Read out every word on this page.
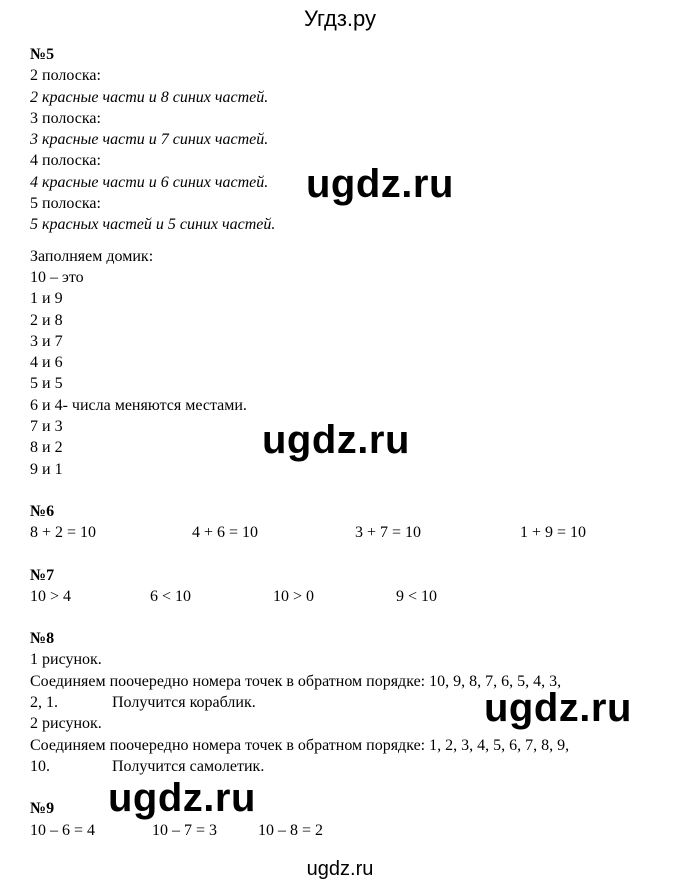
Угдз.ру
№5
2 полоска:
2 красные части и 8 синих частей.
3 полоска:
3 красные части и 7 синих частей.
4 полоска:
4 красные части и 6 синих частей.
5 полоска:
5 красных частей и 5 синих частей.
Заполняем домик:
10 – это
1 и 9
2 и 8
3 и 7
4 и 6
5 и 5
6 и 4- числа меняются местами.
7 и 3
8 и 2
9 и 1
№6
8 + 2 = 10	4 + 6 = 10	3 + 7 = 10	1 + 9 = 10
№7
10 > 4	6 < 10	10 > 0	9 < 10
№8
1 рисунок.
Соединяем поочередно номера точек в обратном порядке: 10, 9, 8, 7, 6, 5, 4, 3,
2, 1.	Получится кораблик.
2 рисунок.
Соединяем поочередно номера точек в обратном порядке: 1, 2, 3, 4, 5, 6, 7, 8, 9,
10.	Получится самолетик.
№9
10 – 6 = 4	10 – 7 = 3	10 – 8 = 2
ugdz.ru
ugdz.ru
ugdz.ru
ugdz.ru
ugdz.ru
